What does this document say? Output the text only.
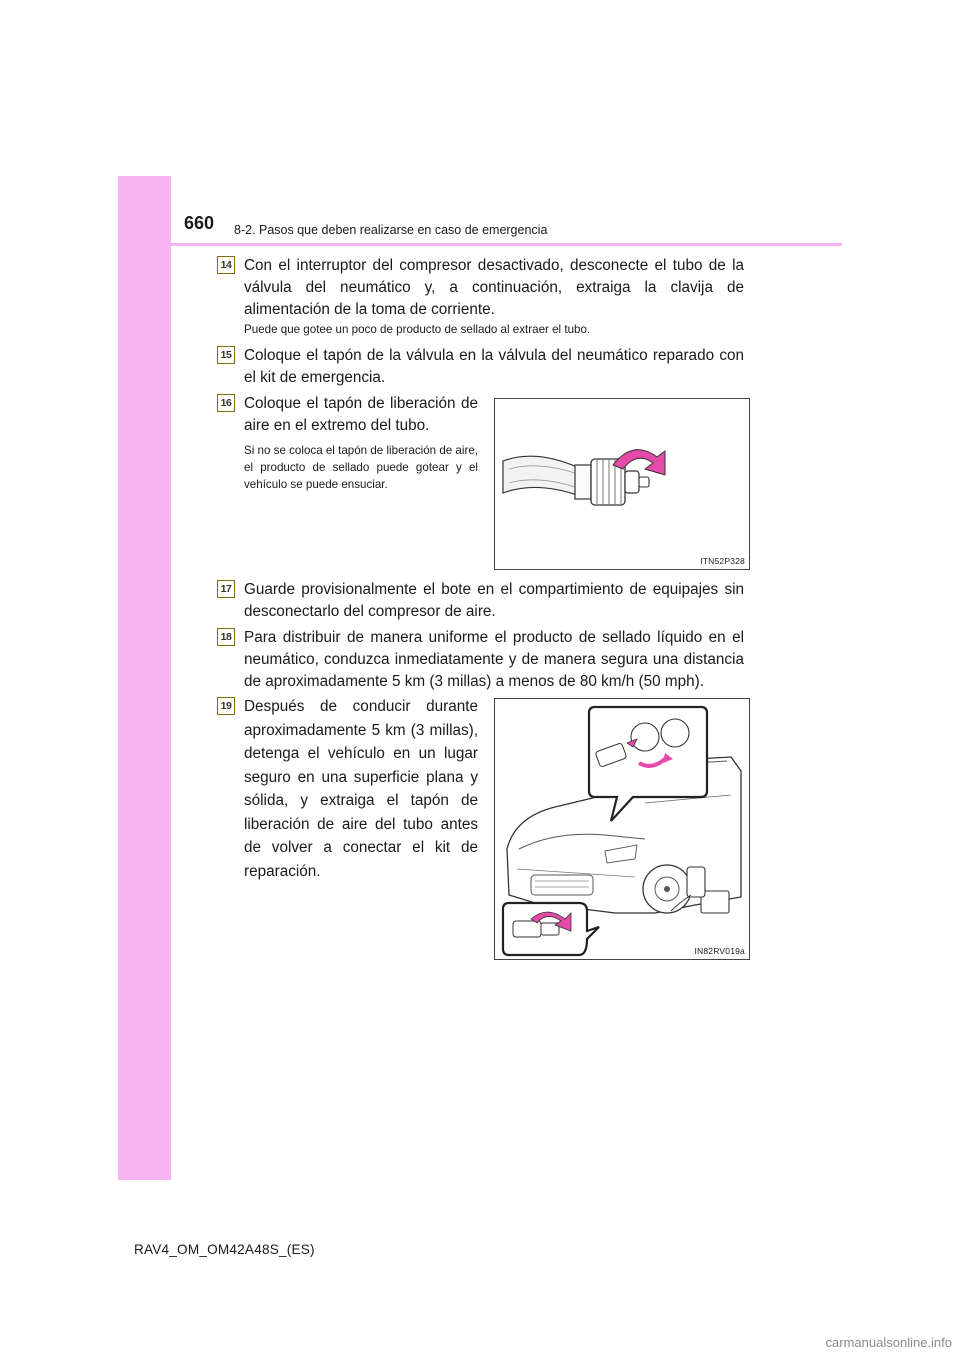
660 8-2. Pasos que deben realizarse en caso de emergencia
14 Con el interruptor del compresor desactivado, desconecte el tubo de la válvula del neumático y, a continuación, extraiga la clavija de alimentación de la toma de corriente.
Puede que gotee un poco de producto de sellado al extraer el tubo.
15 Coloque el tapón de la válvula en la válvula del neumático reparado con el kit de emergencia.
16 Coloque el tapón de liberación de aire en el extremo del tubo.
Si no se coloca el tapón de liberación de aire, el producto de sellado puede gotear y el vehículo se puede ensuciar.
ITN52P328
17 Guarde provisionalmente el bote en el compartimiento de equipajes sin desconectarlo del compresor de aire.
18 Para distribuir de manera uniforme el producto de sellado líquido en el neumático, conduzca inmediatamente y de manera segura una distancia de aproximadamente 5 km (3 millas) a menos de 80 km/h (50 mph).
19 Después de conducir durante aproximadamente 5 km (3 millas), detenga el vehículo en un lugar seguro en una superficie plana y sólida, y extraiga el tapón de liberación de aire del tubo antes de volver a conectar el kit de reparación.
IN82RV019a
RAV4_OM_OM42A48S_(ES)
carmanualsonline.info
